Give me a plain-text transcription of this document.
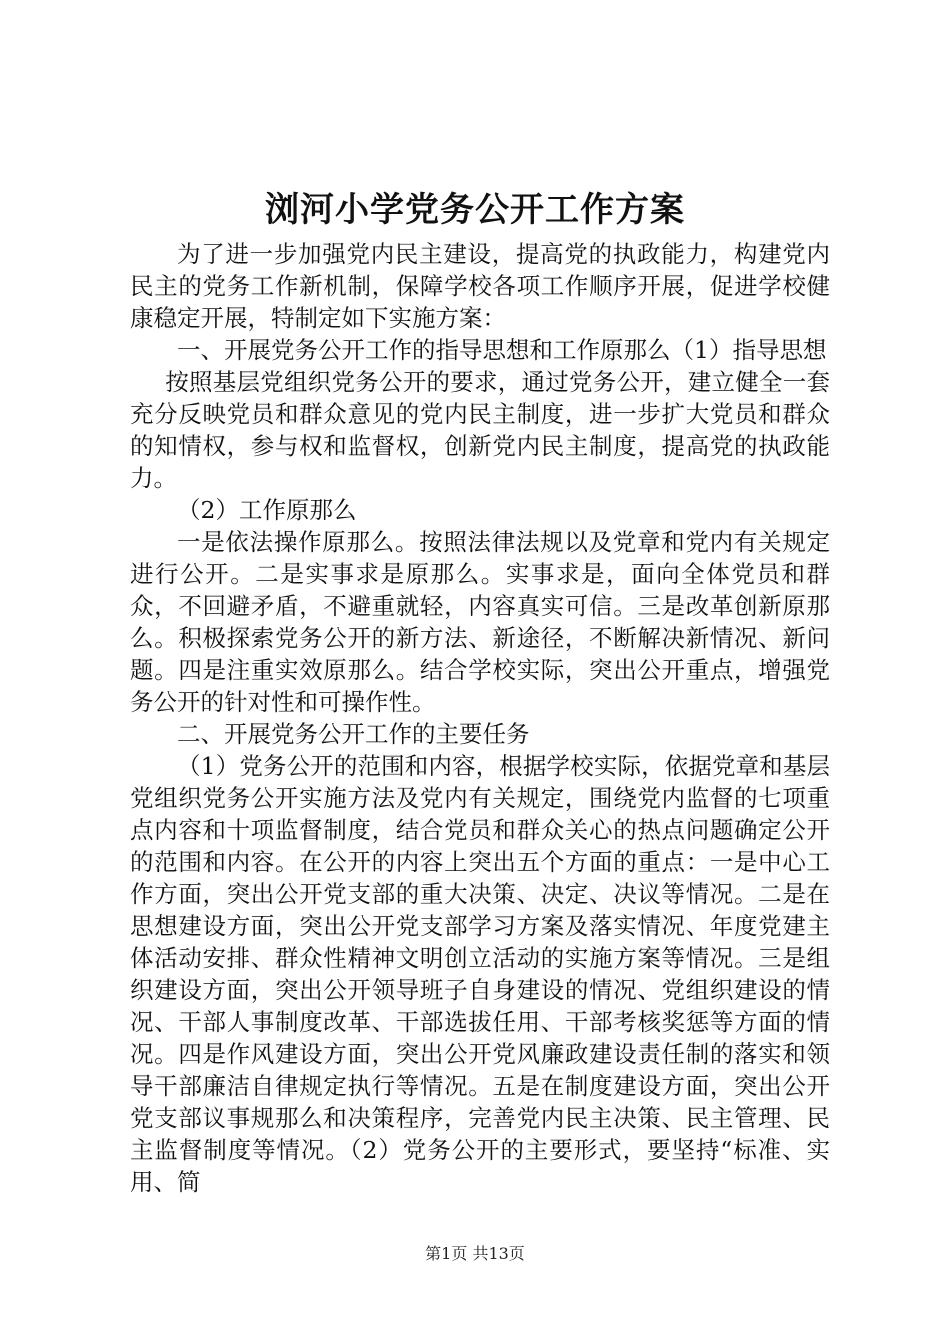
浏河小学党务公开工作方案

为了进一步加强党内民主建设，提高党的执政能力，构建党内民主的党务工作新机制，保障学校各项工作顺序开展，促进学校健康稳定开展，特制定如下实施方案：

一、开展党务公开工作的指导思想和工作原那么（1）指导思想

按照基层党组织党务公开的要求，通过党务公开，建立健全一套充分反映党员和群众意见的党内民主制度，进一步扩大党员和群众的知情权，参与权和监督权，创新党内民主制度，提高党的执政能力。

（2）工作原那么

一是依法操作原那么。按照法律法规以及党章和党内有关规定进行公开。二是实事求是原那么。实事求是，面向全体党员和群众，不回避矛盾，不避重就轻，内容真实可信。三是改革创新原那么。积极探索党务公开的新方法、新途径，不断解决新情况、新问题。四是注重实效原那么。结合学校实际，突出公开重点，增强党务公开的针对性和可操作性。

二、开展党务公开工作的主要任务

（1）党务公开的范围和内容，根据学校实际，依据党章和基层党组织党务公开实施方法及党内有关规定，围绕党内监督的七项重点内容和十项监督制度，结合党员和群众关心的热点问题确定公开的范围和内容。在公开的内容上突出五个方面的重点：一是中心工作方面，突出公开党支部的重大决策、决定、决议等情况。二是在思想建设方面，突出公开党支部学习方案及落实情况、年度党建主体活动安排、群众性精神文明创立活动的实施方案等情况。三是组织建设方面，突出公开领导班子自身建设的情况、党组织建设的情况、干部人事制度改革、干部选拔任用、干部考核奖惩等方面的情况。四是作风建设方面，突出公开党风廉政建设责任制的落实和领导干部廉洁自律规定执行等情况。五是在制度建设方面，突出公开党支部议事规那么和决策程序，完善党内民主决策、民主管理、民主监督制度等情况。（2）党务公开的主要形式，要坚持“标准、实用、简

第1页 共13页
